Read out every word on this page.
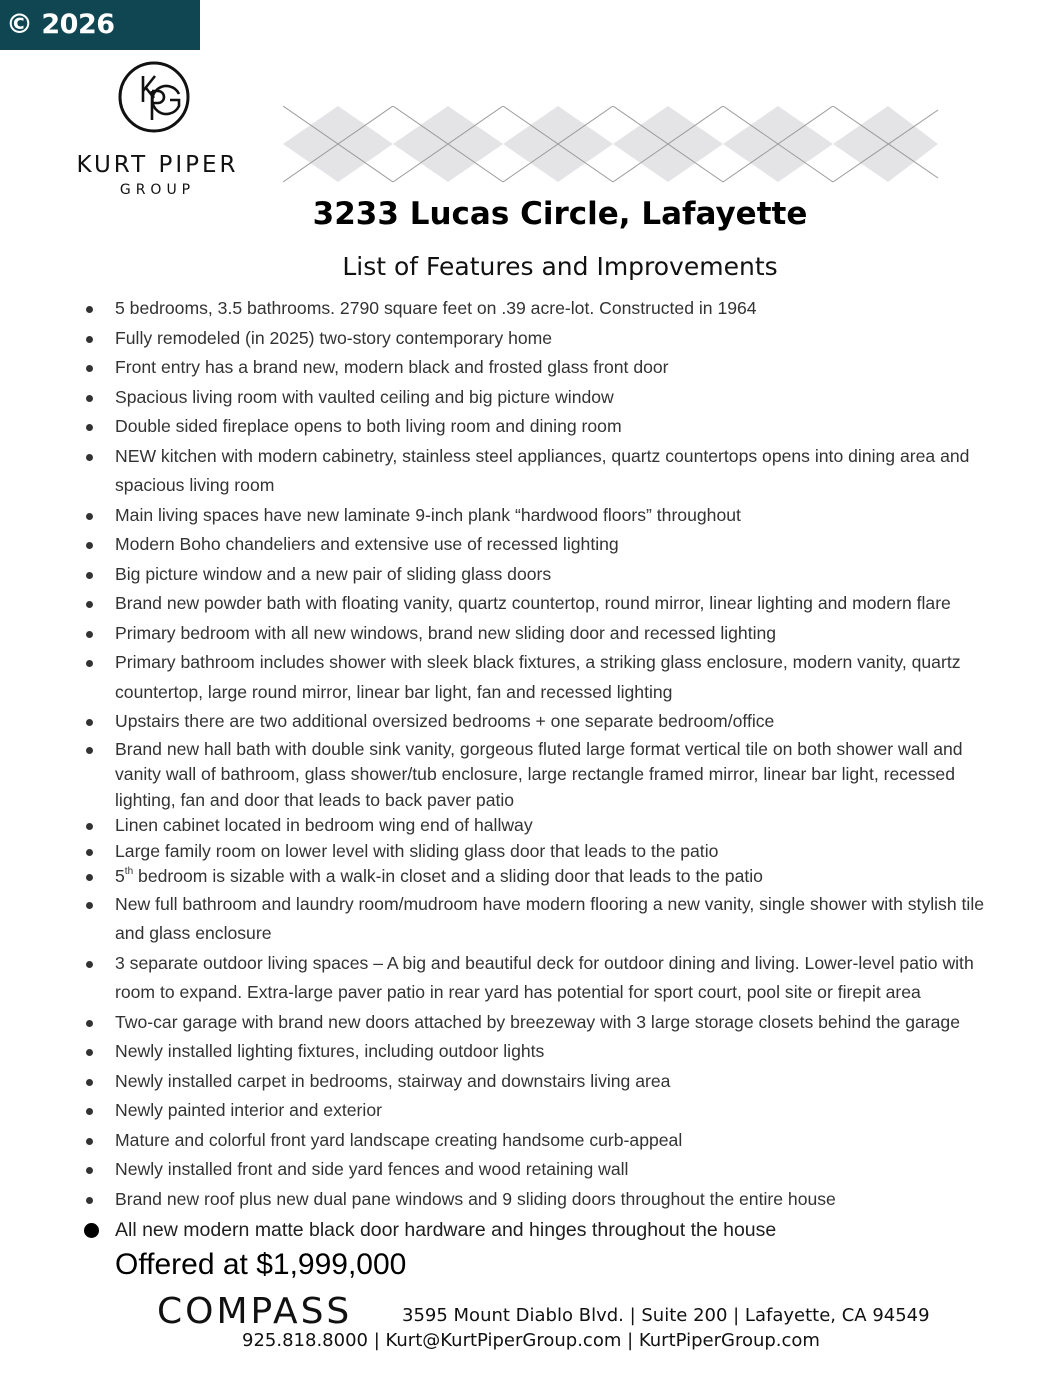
© 2026 CCAR
KURT PIPER
GROUP
3233 Lucas Circle, Lafayette
List of Features and Improvements
5 bedrooms, 3.5 bathrooms. 2790 square feet on .39 acre-lot. Constructed in 1964
Fully remodeled (in 2025) two-story contemporary home
Front entry has a brand new, modern black and frosted glass front door
Spacious living room with vaulted ceiling and big picture window
Double sided fireplace opens to both living room and dining room
NEW kitchen with modern cabinetry, stainless steel appliances, quartz countertops opens into dining area and spacious living room
Main living spaces have new laminate 9-inch plank “hardwood floors” throughout
Modern Boho chandeliers and extensive use of recessed lighting
Big picture window and a new pair of sliding glass doors
Brand new powder bath with floating vanity, quartz countertop, round mirror, linear lighting and modern flare
Primary bedroom with all new windows, brand new sliding door and recessed lighting
Primary bathroom includes shower with sleek black fixtures, a striking glass enclosure, modern vanity, quartz countertop, large round mirror, linear bar light, fan and recessed lighting
Upstairs there are two additional oversized bedrooms + one separate bedroom/office
Brand new hall bath with double sink vanity, gorgeous fluted large format vertical tile on both shower wall and vanity wall of bathroom, glass shower/tub enclosure, large rectangle framed mirror, linear bar light, recessed lighting, fan and door that leads to back paver patio
Linen cabinet located in bedroom wing end of hallway
Large family room on lower level with sliding glass door that leads to the patio
5th bedroom is sizable with a walk-in closet and a sliding door that leads to the patio
New full bathroom and laundry room/mudroom have modern flooring a new vanity, single shower with stylish tile and glass enclosure
3 separate outdoor living spaces – A big and beautiful deck for outdoor dining and living. Lower-level patio with room to expand. Extra-large paver patio in rear yard has potential for sport court, pool site or firepit area
Two-car garage with brand new doors attached by breezeway with 3 large storage closets behind the garage
Newly installed lighting fixtures, including outdoor lights
Newly installed carpet in bedrooms, stairway and downstairs living area
Newly painted interior and exterior
Mature and colorful front yard landscape creating handsome curb-appeal
Newly installed front and side yard fences and wood retaining wall
Brand new roof plus new dual pane windows and 9 sliding doors throughout the entire house
All new modern matte black door hardware and hinges throughout the house
Offered at $1,999,000
COMPASS	3595 Mount Diablo Blvd. | Suite 200 | Lafayette, CA 94549
925.818.8000 | Kurt@KurtPiperGroup.com | KurtPiperGroup.com
